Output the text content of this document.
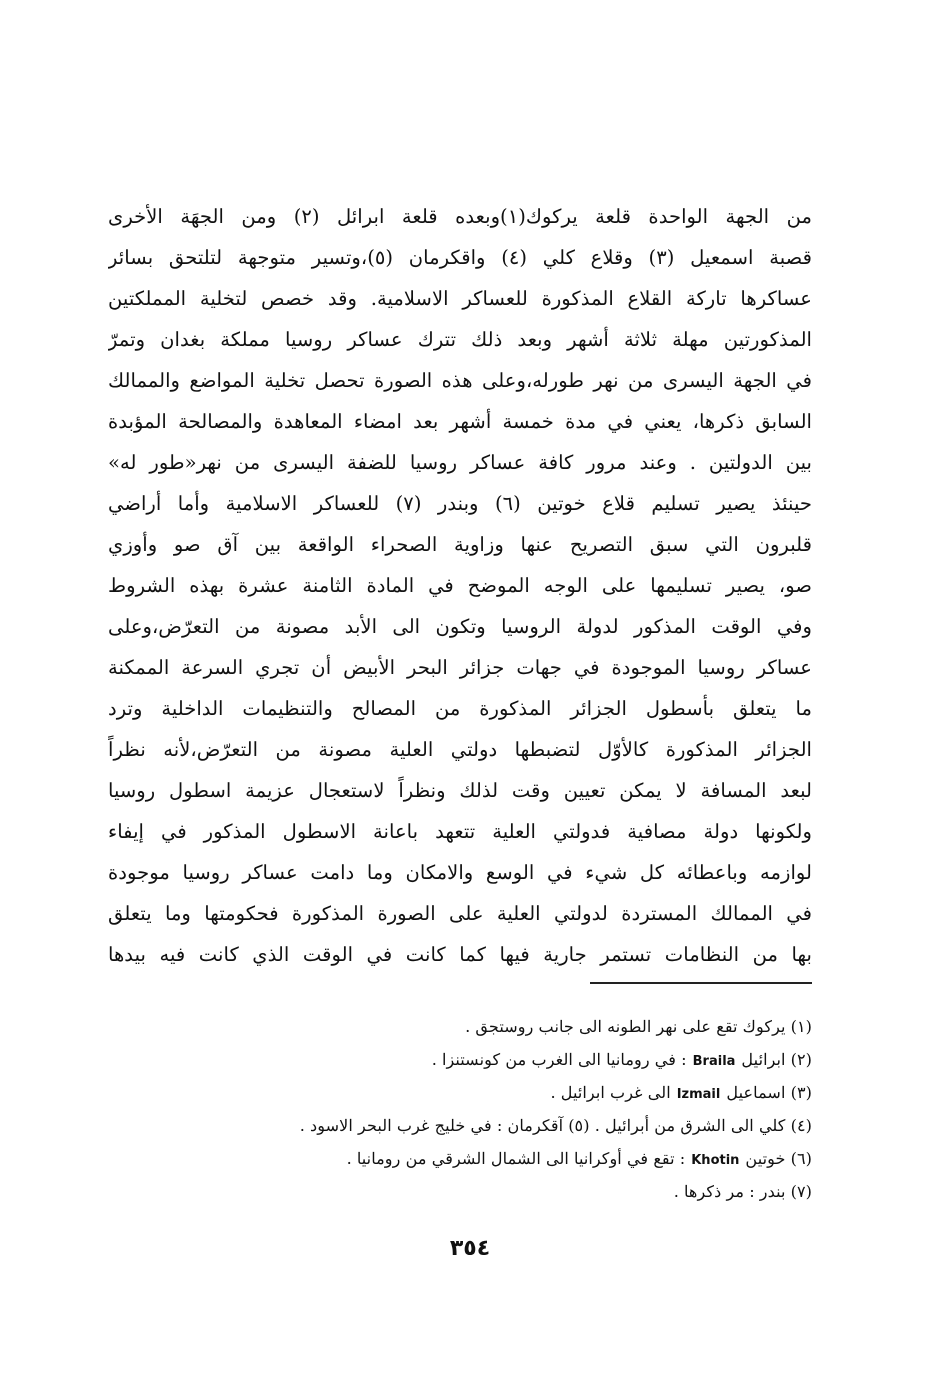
من الجهة الواحدة قلعة يركوك(١)وبعده قلعة ابرائل (٢) ومن الجهَة الأخرى
قصبة اسمعيل (٣) وقلاع كلي (٤) واقكرمان (٥)،وتسير متوجهة لتلتحق بسائر
عساكرها تاركة القلاع المذكورة للعساكر الاسلامية. وقد خصص لتخلية المملكتين
المذكورتين مهلة ثلاثة أشهر وبعد ذلك تترك عساكر روسيا مملكة بغدان وتمرّ
في الجهة اليسرى من نهر طورله،وعلى هذه الصورة تحصل تخلية المواضع والممالك
السابق ذكرها، يعني في مدة خمسة أشهر بعد امضاء المعاهدة والمصالحة المؤبدة
بين الدولتين . وعند مرور كافة عساكر روسيا للضفة اليسرى من نهر«طور له»
حينئذ يصير تسليم قلاع خوتين (٦) وبندر (٧) للعساكر الاسلامية وأما أراضي
قلبرون التي سبق التصريح عنها وزاوية الصحراء الواقعة بين آق صو وأوزي
صو، يصير تسليمها على الوجه الموضح في المادة الثامنة عشرة بهذه الشروط
وفي الوقت المذكور لدولة الروسيا وتكون الى الأبد مصونة من التعرّض،وعلى
عساكر روسيا الموجودة في جهات جزائر البحر الأبيض أن تجري السرعة الممكنة
ما يتعلق بأسطول الجزائر المذكورة من المصالح والتنظيمات الداخلية وترد
الجزائر المذكورة كالأوّل لتضبطها دولتي العلية مصونة من التعرّض،لأنه نظراً
لبعد المسافة لا يمكن تعيين وقت لذلك ونظراً لاستعجال عزيمة اسطول روسيا
ولكونها دولة مصافية فدولتي العلية تتعهد باعانة الاسطول المذكور في إيفاء
لوازمه وباعطائه كل شيء في الوسع والامكان وما دامت عساكر روسيا موجودة
في الممالك المستردة لدولتي العلية على الصورة المذكورة فحكومتها وما يتعلق
بها من النظامات تستمر جارية فيها كما كانت في الوقت الذي كانت فيه بيدها
(١) يركوك تقع على نهر الطونه الى جانب روستجق .
(٢) ابرائيلBraila: في رومانيا الى الغرب من كونستنزا .
(٣) اسماعيلIzmailالى غرب ابرائيل .
(٤) كلي الى الشرق من أبرائيل . (٥) آقكرمان : في خليج غرب البحر الاسود .
(٦) خوتينKhotin: تقع في أوكرانيا الى الشمال الشرقي من رومانيا .
(٧) بندر : مر ذكرها .
٣٥٤
